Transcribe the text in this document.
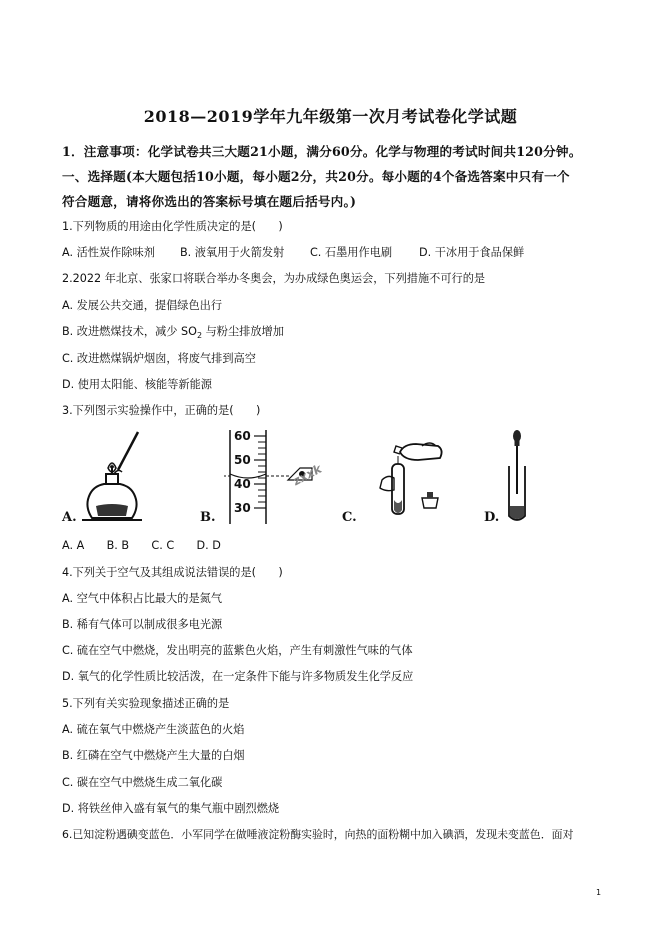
2018—2019学年九年级第一次月考试卷化学试题
1．注意事项：化学试卷共三大题21小题，满分60分。化学与物理的考试时间共120分钟。
一、选择题(本大题包括10小题，每小题2分，共20分。每小题的4个备选答案中只有一个
符合题意，请将你选出的答案标号填在题后括号内。)
1.下列物质的用途由化学性质决定的是(　　)
A. 活性炭作除味剂 B. 液氧用于火箭发射 C. 石墨用作电刷 D. 干冰用于食品保鲜
2.2022 年北京、张家口将联合举办冬奥会，为办成绿色奥运会，下列措施不可行的是
A. 发展公共交通，提倡绿色出行
B. 改进燃煤技术，减少 $SO_2$ 与粉尘排放增加
C. 改进燃煤锅炉烟囱，将废气排到高空
D. 使用太阳能、核能等新能源
3.下列图示实验操作中，正确的是(　　)
A.
60
50
40
30
zxxk
B.	C.	D.
A. A　　B. B　　C. C　　D. D
4.下列关于空气及其组成说法错误的是(　　)
A. 空气中体积占比最大的是氮气
B. 稀有气体可以制成很多电光源
C. 硫在空气中燃烧，发出明亮的蓝紫色火焰，产生有刺激性气味的气体
D. 氧气的化学性质比较活泼，在一定条件下能与许多物质发生化学反应
5.下列有关实验现象描述正确的是
A. 硫在氧气中燃烧产生淡蓝色的火焰
B. 红磷在空气中燃烧产生大量的白烟
C. 碳在空气中燃烧生成二氧化碳
D. 将铁丝伸入盛有氧气的集气瓶中剧烈燃烧
6.已知淀粉遇碘变蓝色．小军同学在做唾液淀粉酶实验时，向热的面粉糊中加入碘酒，发现未变蓝色．面对
1
